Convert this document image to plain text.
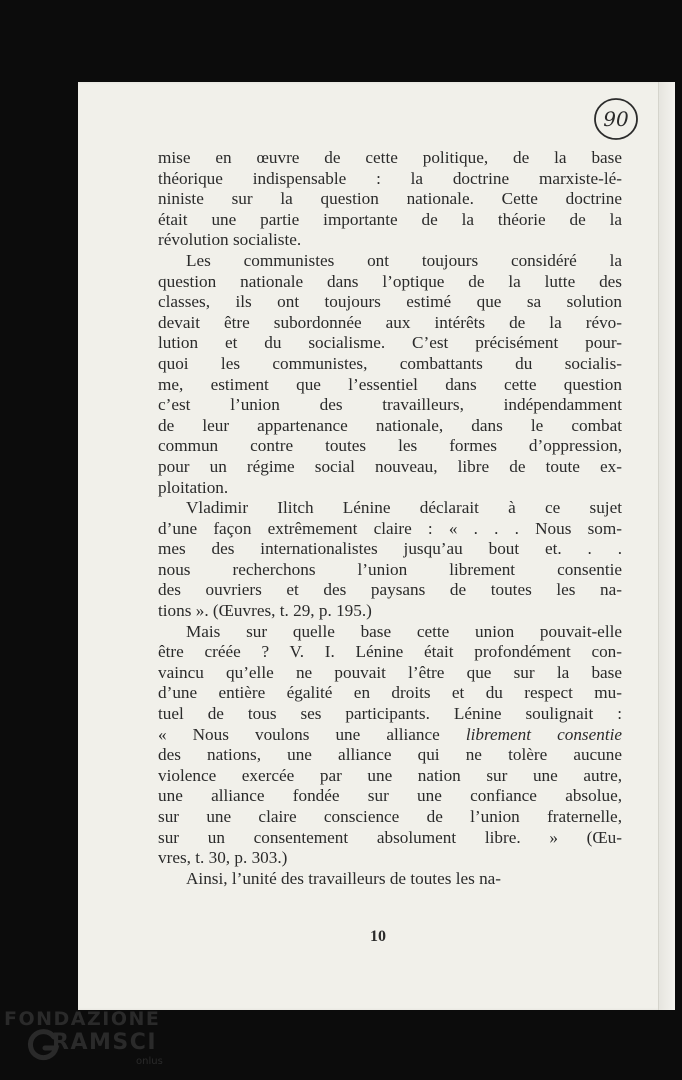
90
mise en œuvre de cette politique, de la base
théorique indispensable : la doctrine marxiste-lé-
niniste sur la question nationale. Cette doctrine
était une partie importante de la théorie de la
révolution socialiste.
Les communistes ont toujours considéré la
question nationale dans l’optique de la lutte des
classes, ils ont toujours estimé que sa solution
devait être subordonnée aux intérêts de la révo-
lution et du socialisme. C’est précisément pour-
quoi les communistes, combattants du socialis-
me, estiment que l’essentiel dans cette question
c’est l’union des travailleurs, indépendamment
de leur appartenance nationale, dans le combat
commun contre toutes les formes d’oppression,
pour un régime social nouveau, libre de toute ex-
ploitation.
Vladimir Ilitch Lénine déclarait à ce sujet
d’une façon extrêmement claire : « . . . Nous som-
mes des internationalistes jusqu’au bout et. . .
nous recherchons l’union librement consentie
des ouvriers et des paysans de toutes les na-
tions ». (Œuvres, t. 29, p. 195.)
Mais sur quelle base cette union pouvait-elle
être créée ? V. I. Lénine était profondément con-
vaincu qu’elle ne pouvait l’être que sur la base
d’une entière égalité en droits et du respect mu-
tuel de tous ses participants. Lénine soulignait :
« Nous voulons une alliance librement consentie
des nations, une alliance qui ne tolère aucune
violence exercée par une nation sur une autre,
une alliance fondée sur une confiance absolue,
sur une claire conscience de l’union fraternelle,
sur un consentement absolument libre. » (Œu-
vres, t. 30, p. 303.)
Ainsi, l’unité des travailleurs de toutes les na-
10
FONDAZIONE
RAMSCI
onlus
